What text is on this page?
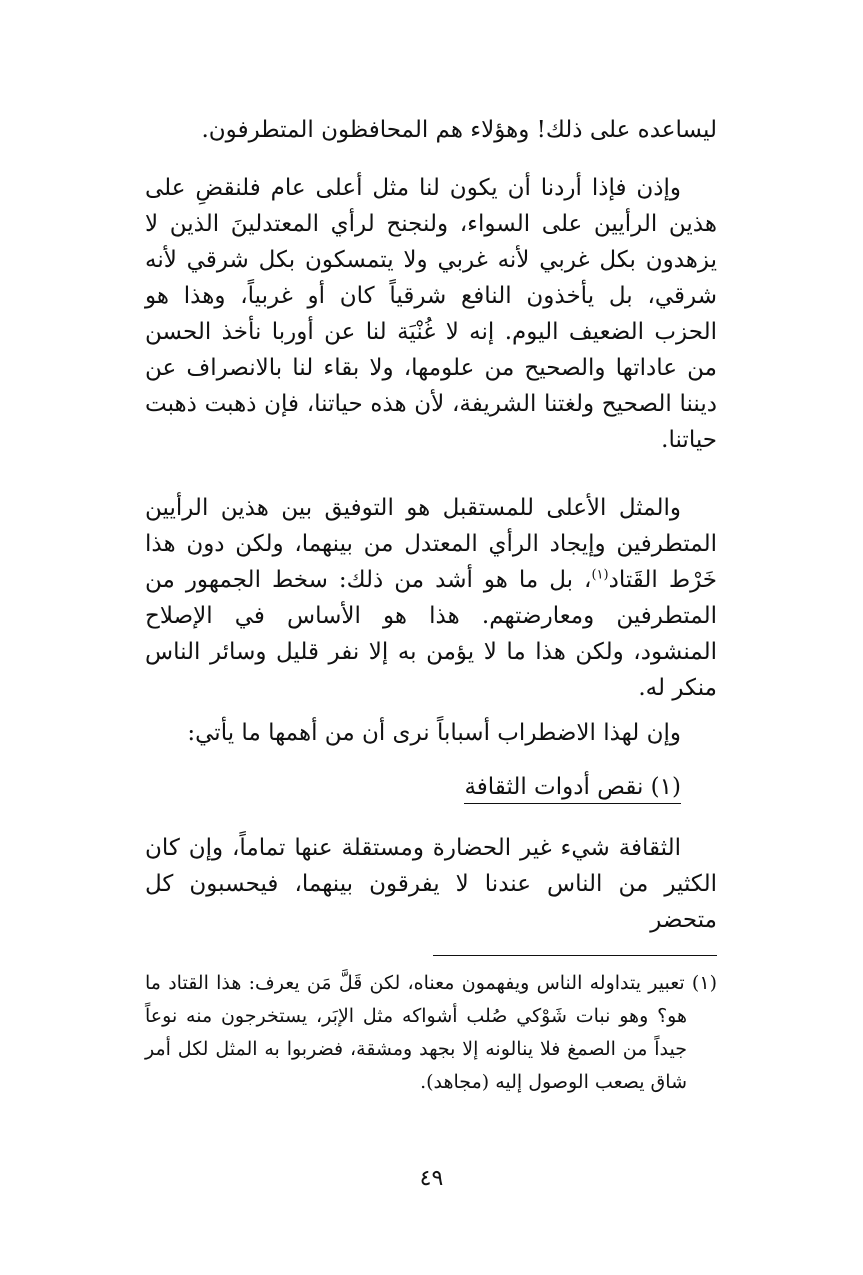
ليساعده على ذلك! وهؤلاء هم المحافظون المتطرفون.

وإذن فإذا أردنا أن يكون لنا مثل أعلى عام فلنقضِ على هذين الرأيين على السواء، ولنجنح لرأي المعتدلينَ الذين لا يزهدون بكل غربي لأنه غربي ولا يتمسكون بكل شرقي لأنه شرقي، بل يأخذون النافع شرقياً كان أو غربياً، وهذا هو الحزب الضعيف اليوم. إنه لا غُنْيَة لنا عن أوربا نأخذ الحسن من عاداتها والصحيح من علومها، ولا بقاء لنا بالانصراف عن ديننا الصحيح ولغتنا الشريفة، لأن هذه حياتنا، فإن ذهبت ذهبت حياتنا.

والمثل الأعلى للمستقبل هو التوفيق بين هذين الرأيين المتطرفين وإيجاد الرأي المعتدل من بينهما، ولكن دون هذا خَرْط القَتاد$^{(١)}$، بل ما هو أشد من ذلك: سخط الجمهور من المتطرفين ومعارضتهم. هذا هو الأساس في الإصلاح المنشود، ولكن هذا ما لا يؤمن به إلا نفر قليل وسائر الناس منكر له.

وإن لهذا الاضطراب أسباباً نرى أن من أهمها ما يأتي:

(١) نقص أدوات الثقافة

الثقافة شيء غير الحضارة ومستقلة عنها تماماً، وإن كان الكثير من الناس عندنا لا يفرقون بينهما، فيحسبون كل متحضر

(١) تعبير يتداوله الناس ويفهمون معناه، لكن قَلَّ مَن يعرف: هذا القتاد ما هو؟ وهو نبات شَوْكي صُلب أشواكه مثل الإبَر، يستخرجون منه نوعاً جيداً من الصمغ فلا ينالونه إلا بجهد ومشقة، فضربوا به المثل لكل أمر شاق يصعب الوصول إليه (مجاهد).

٤٩
